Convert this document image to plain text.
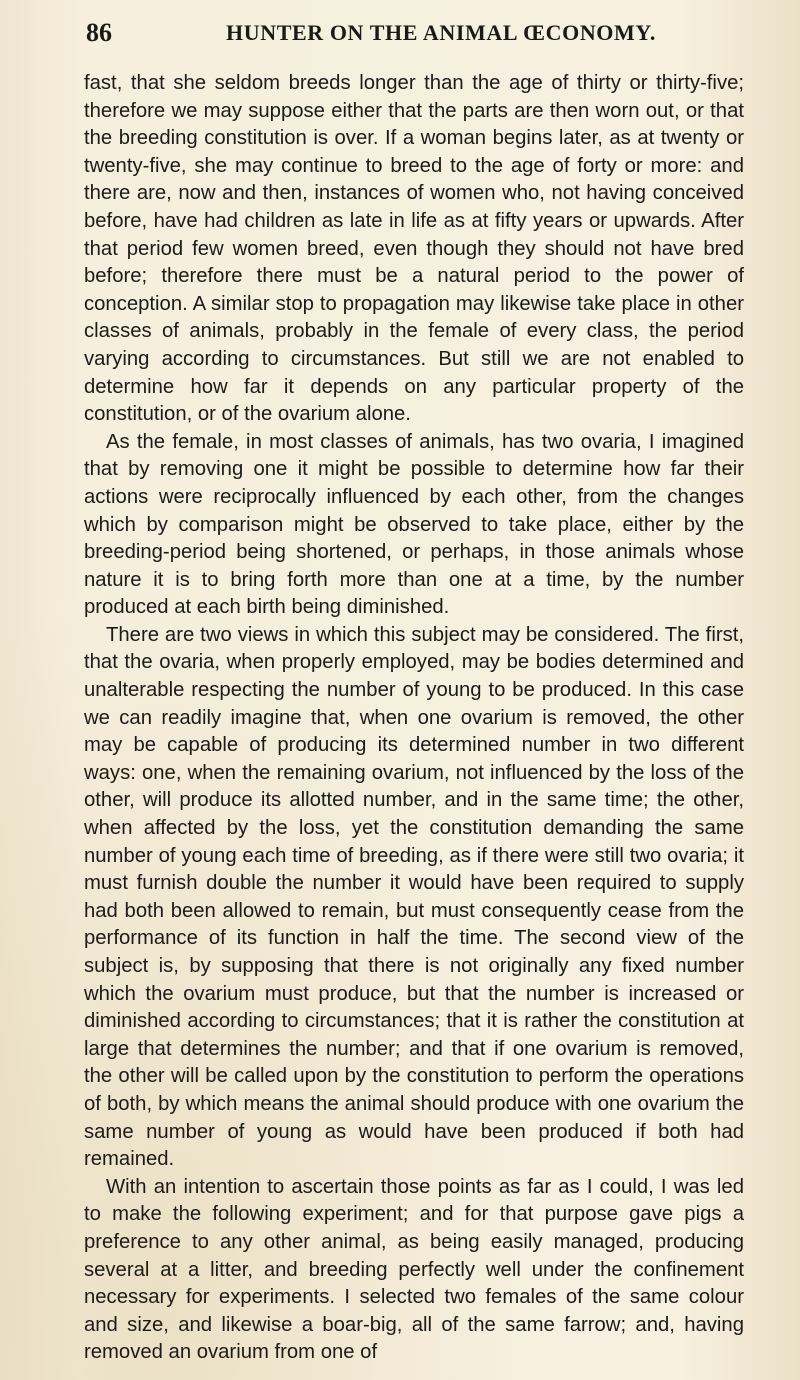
86	HUNTER ON THE ANIMAL ŒCONOMY.

fast, that she seldom breeds longer than the age of thirty or thirty-five; therefore we may suppose either that the parts are then worn out, or that the breeding constitution is over. If a woman begins later, as at twenty or twenty-five, she may continue to breed to the age of forty or more: and there are, now and then, instances of women who, not having conceived before, have had children as late in life as at fifty years or upwards. After that period few women breed, even though they should not have bred before; therefore there must be a natural period to the power of conception. A similar stop to propagation may likewise take place in other classes of animals, probably in the female of every class, the period varying according to circumstances. But still we are not enabled to determine how far it depends on any particular property of the constitution, or of the ovarium alone.

As the female, in most classes of animals, has two ovaria, I imagined that by removing one it might be possible to determine how far their actions were reciprocally influenced by each other, from the changes which by comparison might be observed to take place, either by the breeding-period being shortened, or perhaps, in those animals whose nature it is to bring forth more than one at a time, by the number produced at each birth being diminished.

There are two views in which this subject may be considered. The first, that the ovaria, when properly employed, may be bodies determined and unalterable respecting the number of young to be produced. In this case we can readily imagine that, when one ovarium is removed, the other may be capable of producing its determined number in two different ways: one, when the remaining ovarium, not influenced by the loss of the other, will produce its allotted number, and in the same time; the other, when affected by the loss, yet the constitution demanding the same number of young each time of breeding, as if there were still two ovaria; it must furnish double the number it would have been required to supply had both been allowed to remain, but must consequently cease from the performance of its function in half the time. The second view of the subject is, by supposing that there is not originally any fixed number which the ovarium must produce, but that the number is increased or diminished according to circumstances; that it is rather the constitution at large that determines the number; and that if one ovarium is removed, the other will be called upon by the constitution to perform the operations of both, by which means the animal should produce with one ovarium the same number of young as would have been produced if both had remained.

With an intention to ascertain those points as far as I could, I was led to make the following experiment; and for that purpose gave pigs a preference to any other animal, as being easily managed, producing several at a litter, and breeding perfectly well under the confinement necessary for experiments. I selected two females of the same colour and size, and likewise a boar-big, all of the same farrow; and, having removed an ovarium from one of
